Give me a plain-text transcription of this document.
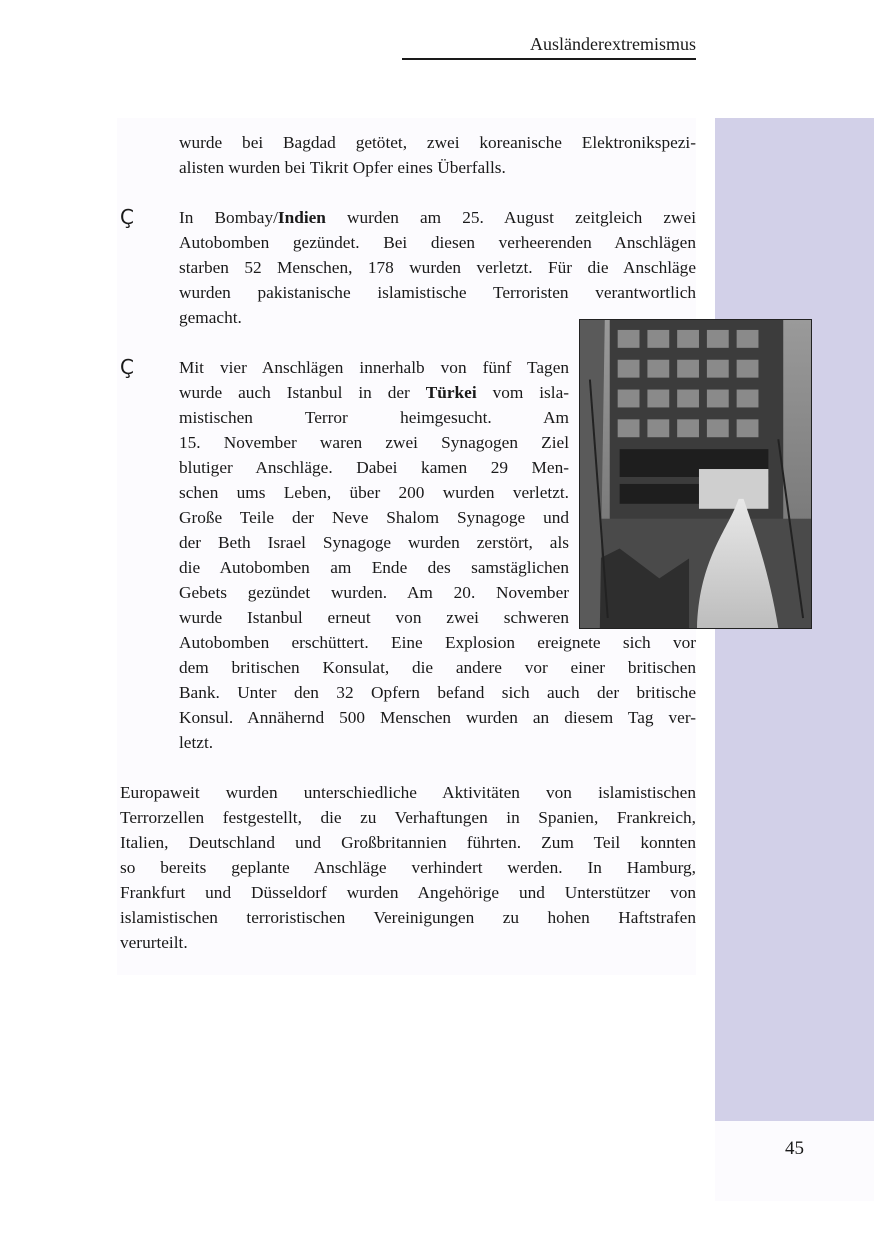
Ausländerextremismus
45
wurde bei Bagdad getötet, zwei koreanische Elektronikspezi-
alisten wurden bei Tikrit Opfer eines Überfalls.
Ç	In Bombay/Indien wurden am 25. August zeitgleich zwei
Autobomben gezündet. Bei diesen verheerenden Anschlägen
starben 52 Menschen, 178 wurden verletzt. Für die Anschläge
wurden pakistanische islamistische Terroristen verantwortlich
gemacht.
Ç	Mit vier Anschlägen innerhalb von fünf Tagen
wurde auch Istanbul in der Türkei vom isla-
mistischen Terror heimgesucht. Am
15. November waren zwei Synagogen Ziel
blutiger Anschläge. Dabei kamen 29 Men-
schen ums Leben, über 200 wurden verletzt.
Große Teile der Neve Shalom Synagoge und
der Beth Israel Synagoge wurden zerstört, als
die Autobomben am Ende des samstäglichen
Gebets gezündet wurden. Am 20. November
wurde Istanbul erneut von zwei schweren
Autobomben erschüttert. Eine Explosion ereignete sich vor
dem britischen Konsulat, die andere vor einer britischen
Bank. Unter den 32 Opfern befand sich auch der britische
Konsul. Annähernd 500 Menschen wurden an diesem Tag ver-
letzt.
Europaweit wurden unterschiedliche Aktivitäten von islamistischen
Terrorzellen festgestellt, die zu Verhaftungen in Spanien, Frankreich,
Italien, Deutschland und Großbritannien führten. Zum Teil konnten
so bereits geplante Anschläge verhindert werden. In Hamburg,
Frankfurt und Düsseldorf wurden Angehörige und Unterstützer von
islamistischen terroristischen Vereinigungen zu hohen Haftstrafen
verurteilt.
